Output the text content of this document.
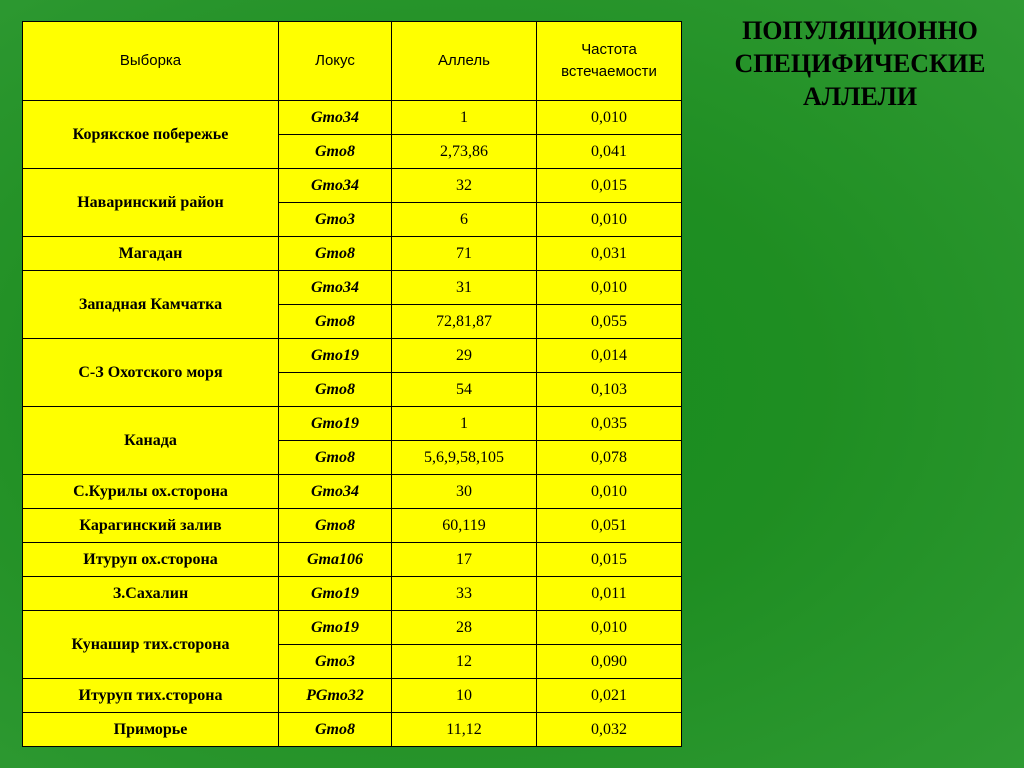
ПОПУЛЯЦИОННО
СПЕЦИФИЧЕСКИЕ
АЛЛЕЛИ
Выборка	Локус	Аллель	Частота встечаемости
Корякское побережье	Gmo34	1	0,010
	Gmo8	2,73,86	0,041
Наваринский район	Gmo34	32	0,015
	Gmo3	6	0,010
Магадан	Gmo8	71	0,031
Западная Камчатка	Gmo34	31	0,010
	Gmo8	72,81,87	0,055
С-З Охотского моря	Gmo19	29	0,014
	Gmo8	54	0,103
Канада	Gmo19	1	0,035
	Gmo8	5,6,9,58,105	0,078
С.Курилы ох.сторона	Gmo34	30	0,010
Карагинский залив	Gmo8	60,119	0,051
Итуруп ох.сторона	Gma106	17	0,015
З.Сахалин	Gmo19	33	0,011
Кунашир тих.сторона	Gmo19	28	0,010
	Gmo3	12	0,090
Итуруп тих.сторона	PGmo32	10	0,021
Приморье	Gmo8	11,12	0,032
